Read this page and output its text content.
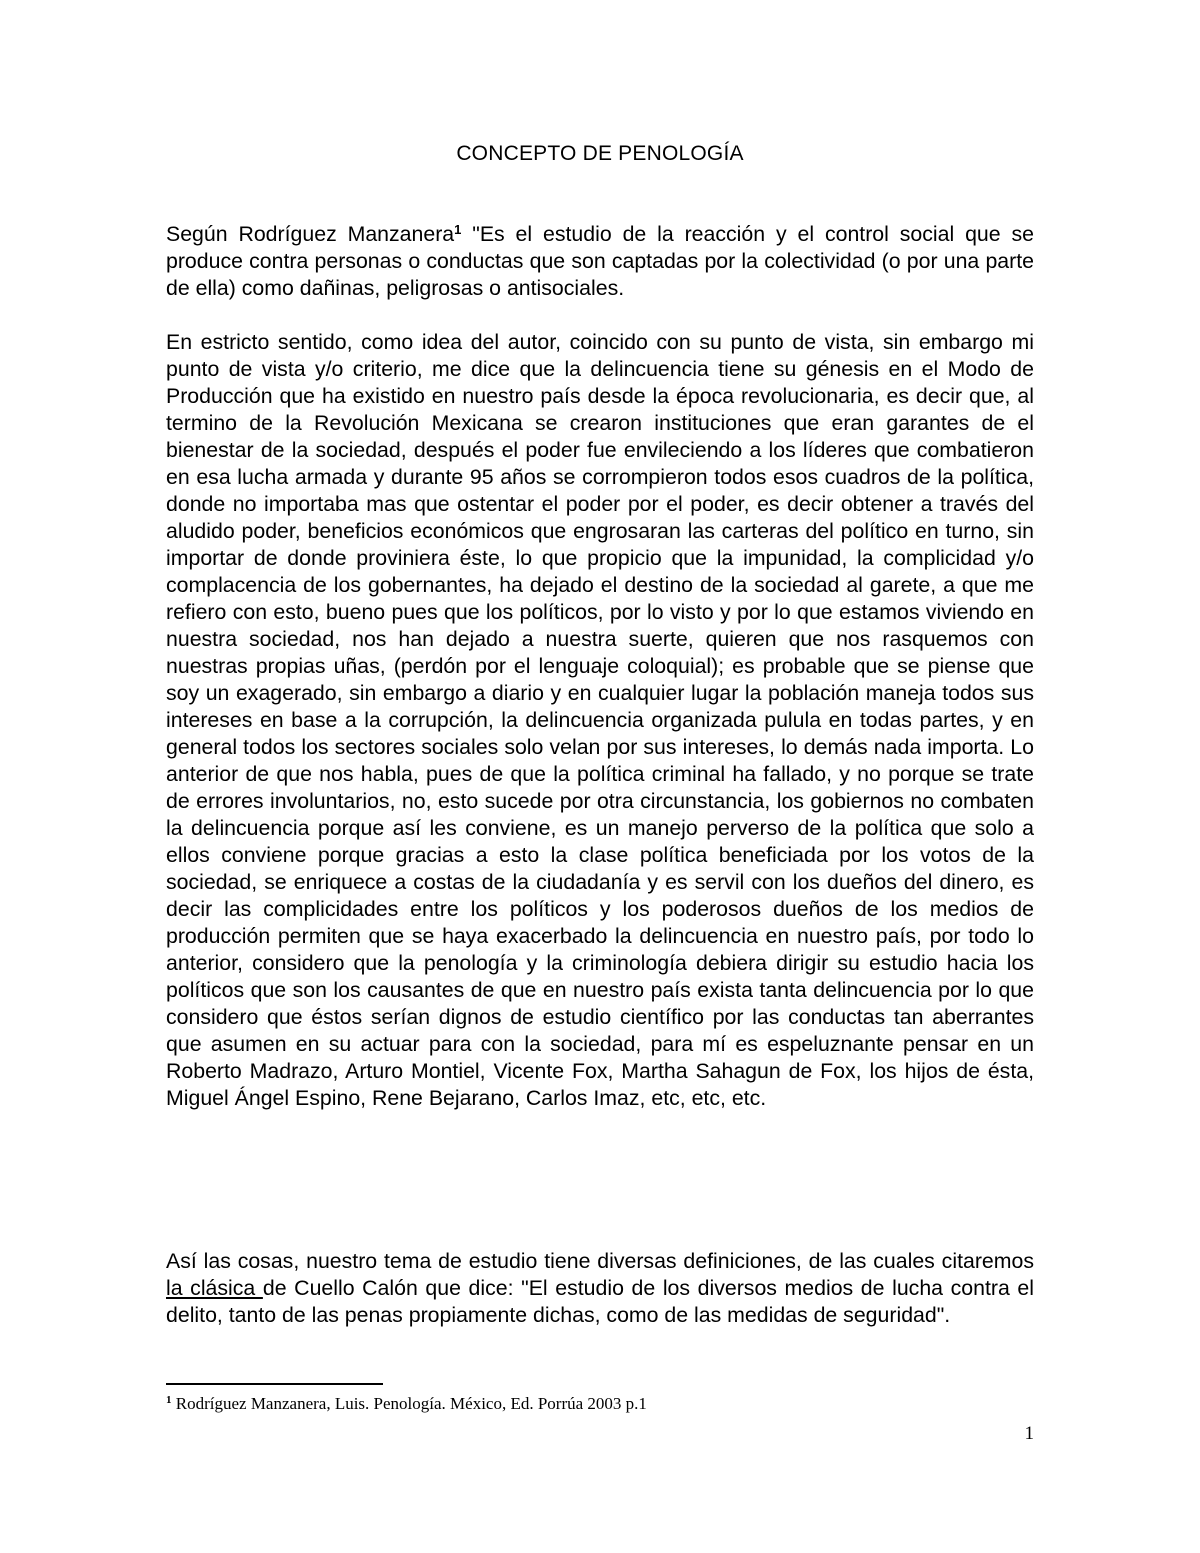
CONCEPTO DE PENOLOGÍA

Según Rodríguez Manzanera$^1$ "Es el estudio de la reacción y el control social que se produce contra personas o conductas que son captadas por la colectividad (o por una parte de ella) como dañinas, peligrosas o antisociales.

En estricto sentido, como idea del autor, coincido con su punto de vista, sin embargo mi punto de vista y/o criterio, me dice que la delincuencia tiene su génesis en el Modo de Producción que ha existido en nuestro país desde la época revolucionaria, es decir que, al termino de la Revolución Mexicana se crearon instituciones que eran garantes de el bienestar de la sociedad, después el poder fue envileciendo a los líderes que combatieron en esa lucha armada y durante 95 años se corrompieron todos esos cuadros de la política, donde no importaba mas que ostentar el poder por el poder, es decir obtener a través del aludido poder, beneficios económicos que engrosaran las carteras del político en turno, sin importar de donde proviniera éste, lo que propicio que la impunidad, la complicidad y/o complacencia de los gobernantes, ha dejado el destino de la sociedad al garete, a que me refiero con esto, bueno pues que los políticos, por lo visto y por lo que estamos viviendo en nuestra sociedad, nos han dejado a nuestra suerte, quieren que nos rasquemos con nuestras propias uñas, (perdón por el lenguaje coloquial); es probable que se piense que soy un exagerado, sin embargo a diario y en cualquier lugar la población maneja todos sus intereses en base a la corrupción, la delincuencia organizada pulula en todas partes, y en general todos los sectores sociales solo velan por sus intereses, lo demás nada importa. Lo anterior de que nos habla, pues de que la política criminal ha fallado, y no porque se trate de errores involuntarios, no, esto sucede por otra circunstancia, los gobiernos no combaten la delincuencia porque así les conviene, es un manejo perverso de la política que solo a ellos conviene porque gracias a esto la clase política beneficiada por los votos de la sociedad, se enriquece a costas de la ciudadanía y es servil con los dueños del dinero, es decir las complicidades entre los políticos y los poderosos dueños de los medios de producción permiten que se haya exacerbado la delincuencia en nuestro país, por todo lo anterior, considero que la penología y la criminología debiera dirigir su estudio hacia los políticos que son los causantes de que en nuestro país exista tanta delincuencia por lo que considero que éstos serían dignos de estudio científico por las conductas tan aberrantes que asumen en su actuar para con la sociedad, para mí es espeluznante pensar en un Roberto Madrazo, Arturo Montiel, Vicente Fox, Martha Sahagun de Fox, los hijos de ésta, Miguel Ángel Espino, Rene Bejarano, Carlos Imaz, etc, etc, etc.

Así las cosas, nuestro tema de estudio tiene diversas definiciones, de las cuales citaremos la clásica de Cuello Calón que dice: "El estudio de los diversos medios de lucha contra el delito, tanto de las penas propiamente dichas, como de las medidas de seguridad".

$^1$ Rodríguez Manzanera, Luis. Penología. México, Ed. Porrúa 2003 p.1
1
